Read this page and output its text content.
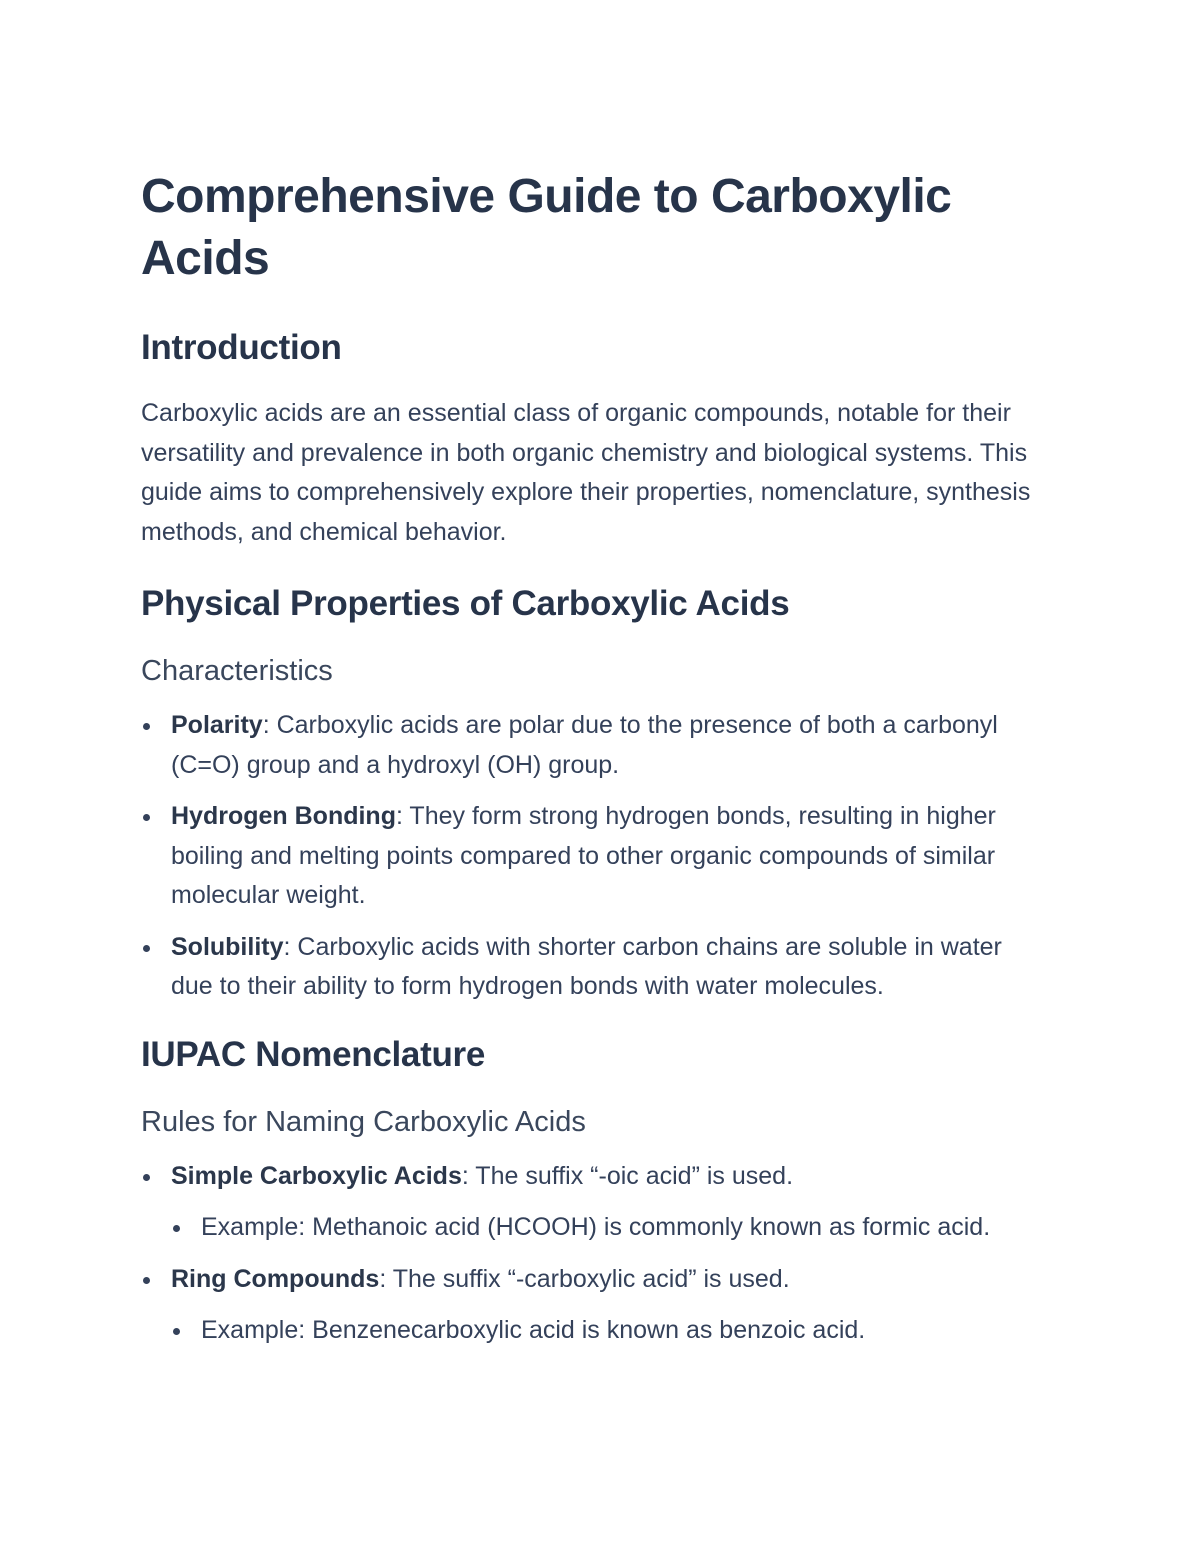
Comprehensive Guide to Carboxylic Acids
Introduction

Carboxylic acids are an essential class of organic compounds, notable for their versatility and prevalence in both organic chemistry and biological systems. This guide aims to comprehensively explore their properties, nomenclature, synthesis methods, and chemical behavior.

Physical Properties of Carboxylic Acids
Characteristics
Polarity: Carboxylic acids are polar due to the presence of both a carbonyl (C=O) group and a hydroxyl (OH) group.
Hydrogen Bonding: They form strong hydrogen bonds, resulting in higher boiling and melting points compared to other organic compounds of similar molecular weight.
Solubility: Carboxylic acids with shorter carbon chains are soluble in water due to their ability to form hydrogen bonds with water molecules.
IUPAC Nomenclature
Rules for Naming Carboxylic Acids
Simple Carboxylic Acids: The suffix “-oic acid” is used.
Example: Methanoic acid (HCOOH) is commonly known as formic acid.
Ring Compounds: The suffix “-carboxylic acid” is used.
Example: Benzenecarboxylic acid is known as benzoic acid.
